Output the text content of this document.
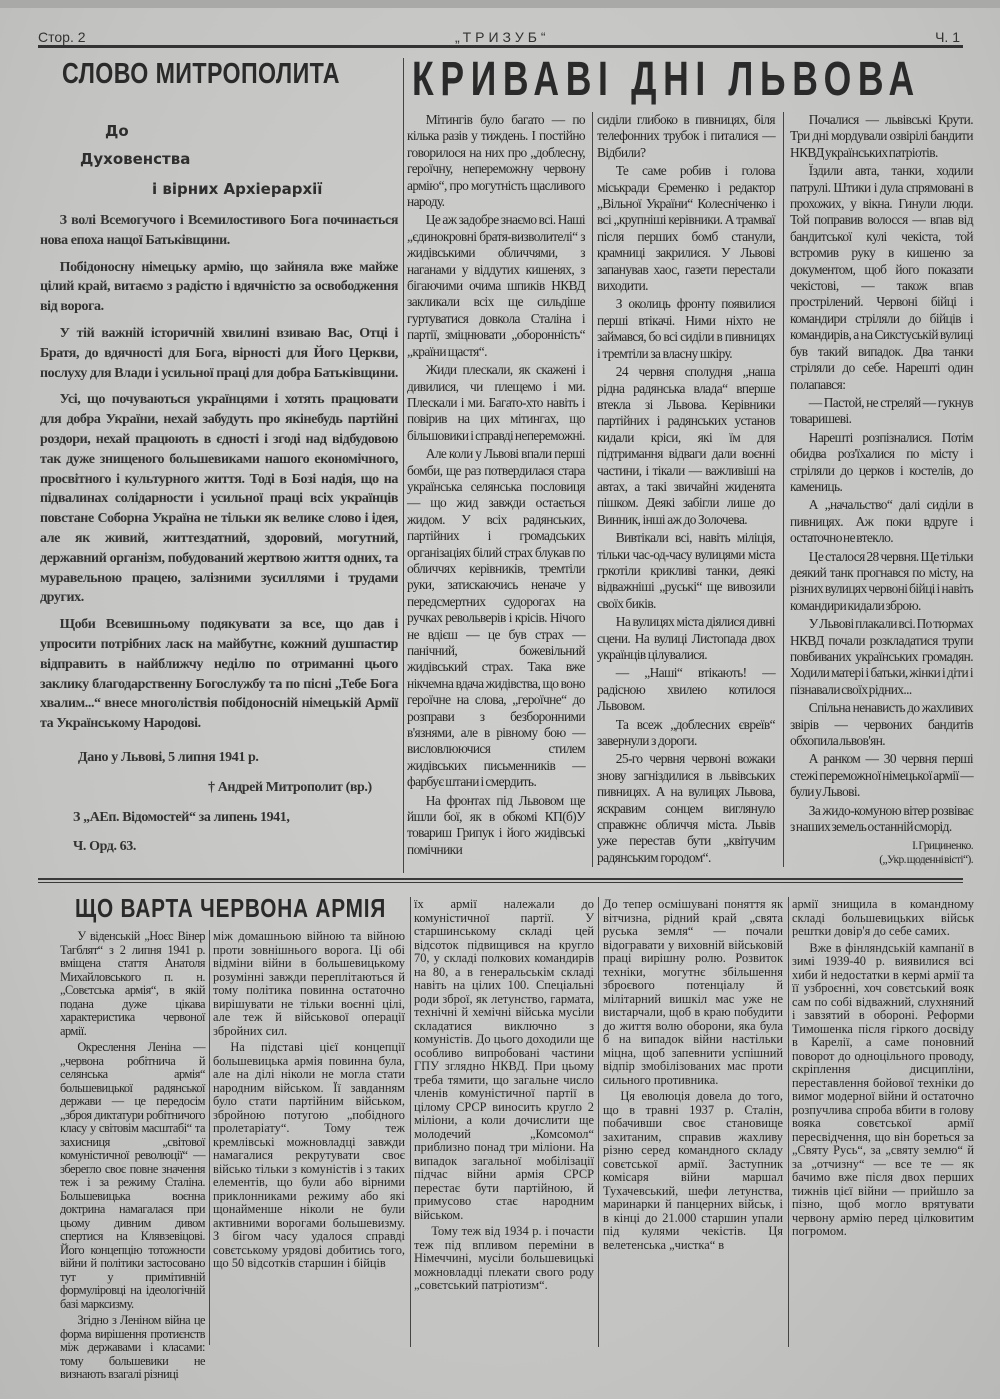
Стор. 2	„ТРИЗУБ“	Ч. 1
СЛОВО МИТРОПОЛИТА
До
Духовенства
і вірних Архіерархії

З волі Всемогучого і Всемилостивого Бога починається нова епоха нащої Батьківщини.

Побідоносну німецьку армію, що зайняла вже майже цілий край, витаємо з радістю і вдячністю за освободження від ворога.

У тій важній історичній хвилині взиваю Вас, Отці і Братя, до вдячності для Бога, вірності для Його Церкви, послуху для Влади і усильної праці для добра Батьківщини.

Усі, що почуваються українцями і хотять працювати для добра України, нехай забудуть про якінебудь партійні роздори, нехай працюють в єдності і згоді над відбудовою так дуже знищеного большевиками нашого економічного, просвітного і культурного життя. Тоді в Бозі надія, що на підвалинах солідарности і усильної праці всіх українців повстане Соборна Україна не тільки як велике слово і ідея, але як живий, життездатний, здоровий, могутний, державний організм, побудований жертвою життя одних, та муравельною працею, залізними зусиллями і трудами других.

Щоби Всевишньому подякувати за все, що дав і упросити потрібних ласк на майбутнє, кожний душпастир відправить в найближчу неділю по отриманні цього заклику благодарственну Богослужбу та по пісні „Тебе Бога хвалим...“ внесе многоліствія побідоносній німецькій Армії та Українському Народові.

Дано у Львові, 5 липня 1941 р.
† Андрей Митрополит (вр.)
З „АЕп. Відомостей“ за липень 1941,
Ч. Орд. 63.
КРИВАВІ ДНІ ЛЬВОВА

Мітингів було багато — по кілька разів у тиждень. І постійно говорилося на них про „доблесну, героїчну, непереможну червону армію“, про могутність щасливого народу.

Це аж задобре знаємо всі. Наші „єдинокровні братя-визволителі“ з жидівськими обличчями, з наганами у віддутих кишенях, з бігаючими очима шпиків НКВД закликали всіх ще сильдіше гуртуватися довкола Сталіна і партії, зміцнювати „оборонність“ „країни щастя“.

Жиди плескали, як скажені і дивилися, чи плещемо і ми. Плескали і ми. Багато-хто навіть і повірив на цих мітингах, що більшовики і справді непереможні.

Але коли у Львові впали перші бомби, ще раз потвердилася стара українська селянська пословиця — що жид завжди остається жидом. У всіх радянських, партійних і громадських організаціях білий страх блукав по обличчях керівників, тремтіли руки, затискаючись неначе у передсмертних судорогах на ручках револьверів і крісів. Нічого не вдієш — це був страх — панічний, божевільний жидівський страх. Така вже нікчемна вдача жидівства, що воно героїчне на слова, „героїчне“ до розправи з безборонними в'язнями, але в рівному бою — висловлюючися стилем жидівських письменників — фарбує штани і смердить.

На фронтах під Львовом ще йшли бої, як в обкомі КП(б)У товариш Грипук і його жидівські помічники

сиділи глибоко в пивницях, біля телефонних трубок і питалися — Відбили?

Те саме робив і голова міськради Єременко і редактор „Вільної України“ Колесніченко і всі „крупніші керівники. А трамваї після перших бомб станули, крамниці закрилися. У Львові запанував хаос, газети перестали виходити.

З околиць фронту появилися перші втікачі. Ними ніхто не займався, бо всі сиділи в пивницях і тремтіли за власну шкіру.

24 червня сполудня „наша рідна радянська влада“ вперше втекла зі Львова. Керівники партійних і радянських установ кидали кріси, які їм для підтримання відваги дали воєнні частини, і тікали — важливіші на автах, а такі звичайні жиденята пішком. Деякі забігли лише до Винник, інші аж до Золочева.

Вивтікали всі, навіть міліція, тільки час-од-часу вулицями міста гркотіли крикливі танки, деякі відважніші „руські“ ще вивозили своїх биків.

На вулицях міста діялися дивні сцени. На вулиці Листопада двох українців цілувалися.

— „Наші“ втікають! — радісною хвилею котилося Львовом.

Та всеж „доблесних євреїв“ завернули з дороги.

25-го червня червоні вожаки знову загніздилися в львівських пивницях. А на вулицях Львова, яскравим сонцем виглянуло справжнє обличчя міста. Львів уже перестав бути „квітучим радянським городом“.

Почалися — львівські Крути. Три дні мордували озвірілі бандити НКВД українських патріотів.

Їздили авта, танки, ходили патрулі. Штики і дула спрямовані в прохожих, у вікна. Гинули люди. Той поправив волосся — впав від бандитської кулі чекіста, той встромив руку в кишеню за документом, щоб його показати чекістові, — також впав прострілений. Червоні бійці і командири стріляли до бійців і командирів, а на Сикстуській вулиці був такий випадок. Два танки стріляли до себе. Нарешті один полапався:

— Пастой, не стреляй — гукнув товаришеві.

Нарешті розпізналися. Потім обидва роз'їхалися по місту і стріляли до церков і костелів, до камениць.

А „начальство“ далі сиділи в пивницях. Аж поки вдруге і остаточно не втекло.

Це сталося 28 червня. Ще тільки деякий танк прогнався по місту, на різних вулицях червоні бійці і навіть командири кидали зброю.

У Львові плакали всі. По тюрмах НКВД почали розкладатися трупи повбиваних українських громадян. Ходили матері і батьки, жінки і діти і пізнавали своїх рідних...

Спільна ненависть до жахливих звірів — червоних бандитів обхопила львов'ян.

А ранком — 30 червня перші стежі переможної німецької армії — були у Львові.

За жидо-комуною вітер розвіває з наших земель останній сморід.

І. Грициненко.
(„Укр. щоденні вісті“).
ЩО ВАРТА ЧЕРВОНА АРМІЯ

У віденській „Ноєс Вінер Тагблят“ з 2 липня 1941 р. вміщена стаття Анатоля Михайловського п. н. „Совєтська армія“, в якій подана дуже цікава характеристика червоної армії.

Окреслення Леніна — „червона робітнича й селянська армія“ большевицької радянської держави — це передосім „зброя диктатури робітничого класу у світовім масштабі“ та захисниця „світової комуністичної революції“ — зберегло своє повне значення теж і за режиму Сталіна. Большевицька воєнна доктрина намагалася при цьому дивним дивом спертися на Клявзевіцові. Його концепцію тотожности війни й політики застосовано тут у примітивній формулірoвці на ідеологічній базі марксизму.

Згідно з Леніном війна це форма вирішення протиєнств між державами і класами: тому большевики не визнають взагалі різниці

між домашньою війною та війною проти зовнішнього ворога. Ці обі відміни війни в большевицькому розумінні завжди переплітаються й тому політика повинна остаточно вирішувати не тільки воєнні цілі, але теж й військової операції збройних сил.

На підставі цієї концепції большевицька армія повинна була, але на ділі ніколи не могла стати народним військом. Її завданням було стати партійним військом, збройною потугою „побідного пролетаріату“. Тому теж кремлівські можновладці завжди намагалися рекрутувати своє військо тільки з комуністів і з таких елементів, що були або вірними приклонниками режиму або які щонайменше ніколи не були активними ворогами большевизму. З бігом часу удалося справді совєтському урядові добитись того, що 50 відсотків старшин і бійців

їх армії належали до комуністичної партії. У старшинському складі цей відсоток підвищився на кругло 70, у складі полкових командирів на 80, а в генеральськім складі навіть на цілих 100. Спеціальні роди зброї, як летунство, гармата, технічні й хемічні війська мусіли складатися виключно з комуністів. До цього доходили ще особливо випробовані частини ГПУ зглядно НКВД. При цьому треба тямити, що загальне число членів комуністичної партії в цілому СРСР виносить кругло 2 міліони, а коли дочислити ще молодечий „Комсомол“ приблизно понад три міліони. На випадок загальної мобілізації підчас війни армія СРСР перестає бути партійною, й примусово стає народним військом.

Тому теж від 1934 р. і почасти теж під впливом переміни в Німеччині, мусіли большевицькі можновладці плекати свого роду „совєтський патріотизм“.

До тепер осмішувані поняття як вітчизна, рідний край „свята руська земля“ — почали відогравати у виховній військовій праці вирішну ролю. Розвиток техніки, могутнє збільшення зброєвого потенціалу й мілітарний вишкіл мас уже не вистарчали, щоб в краю побудити до життя волю оборони, яка була б на випадок війни настільки міцна, щоб запевнити успішний відпір змобілізованих мас проти сильного противника.

Ця еволюція довела до того, що в травні 1937 р. Сталін, побачивши своє становище захитаним, справив жахливу різню серед командного складу совєтської армії. Заступник комісаря війни маршал Тухачевський, шефи летунства, маринарки й панцерних військ, і в кінці до 21.000 старшин упали під кулями чекістів. Ця велетенська „чистка“ в

армії знищила в командному складі большевицьких військ рештки довір'я до себе самих.

Вже в фінляндській кампанії в зимі 1939-40 р. виявилися всі хиби й недостатки в кермі армії та її узброєнні, хоч совєтський вояк сам по собі відважний, слухняний і завзятий в обороні. Реформи Тимошенка після гіркого досвіду в Карелії, а саме поновний поворот до одноцільного проводу, скріплення дисципліни, переставлення бойової техніки до вимог модерної війни й остаточно розпучлива спроба вбити в голову вояка совєтської армії пересвідчення, що він бореться за „Святу Русь“, за „святу землю“ й за „отчизну“ — все те — як бачимо вже після двох перших тижнів цієї війни — прийшло за пізно, щоб могло врятувати червону армію перед цілковитим погромом.
